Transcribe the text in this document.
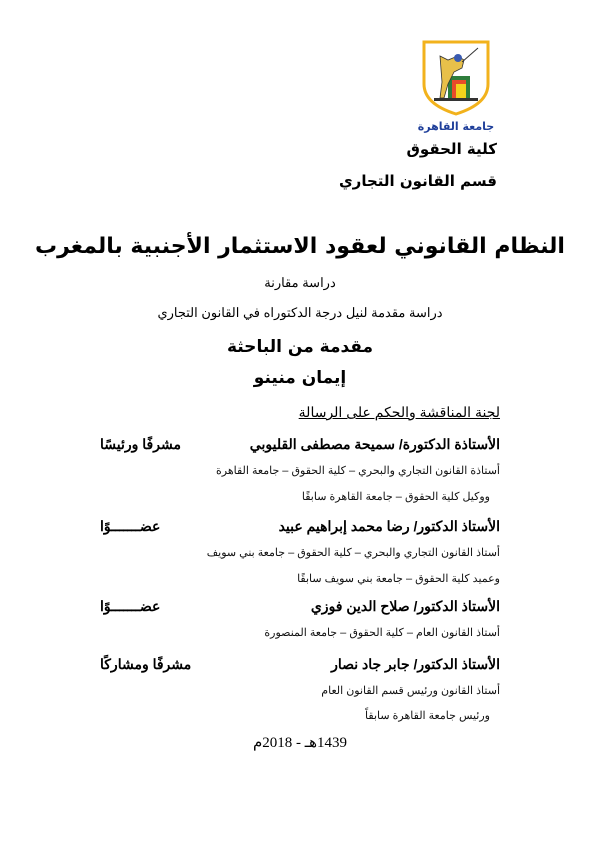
جامعة القاهرة
كلية الحقوق
قسم القانون التجاري
النظام القانوني لعقود الاستثمار الأجنبية بالمغرب
دراسة مقارنة
دراسة مقدمة لنيل درجة الدكتوراه في القانون التجاري
مقدمة من الباحثة
إيمان منينو
لجنة المناقشة والحكم على الرسالة
الأستاذة الدكتورة/ سميحة مصطفى القليوبي
مشرفًا ورئيسًا
أستاذة القانون التجاري والبحري – كلية الحقوق – جامعة القاهرة
ووكيل كلية الحقوق – جامعة القاهرة سابقًا
الأستاذ الدكتور/ رضا محمد إبراهيم عبيد
عضـــــــوًا
أستاذ القانون التجاري والبحري – كلية الحقوق – جامعة بني سويف
وعميد كلية الحقوق – جامعة بني سويف سابقًا
الأستاذ الدكتور/ صلاح الدين فوزي
عضـــــــوًا
أستاذ القانون العام – كلية الحقوق – جامعة المنصورة
الأستاذ الدكتور/ جابر جاد نصار
مشرفًا ومشاركًا
أستاذ القانون ورئيس قسم القانون العام
ورئيس جامعة القاهرة سابقاً
1439هـ - 2018م
